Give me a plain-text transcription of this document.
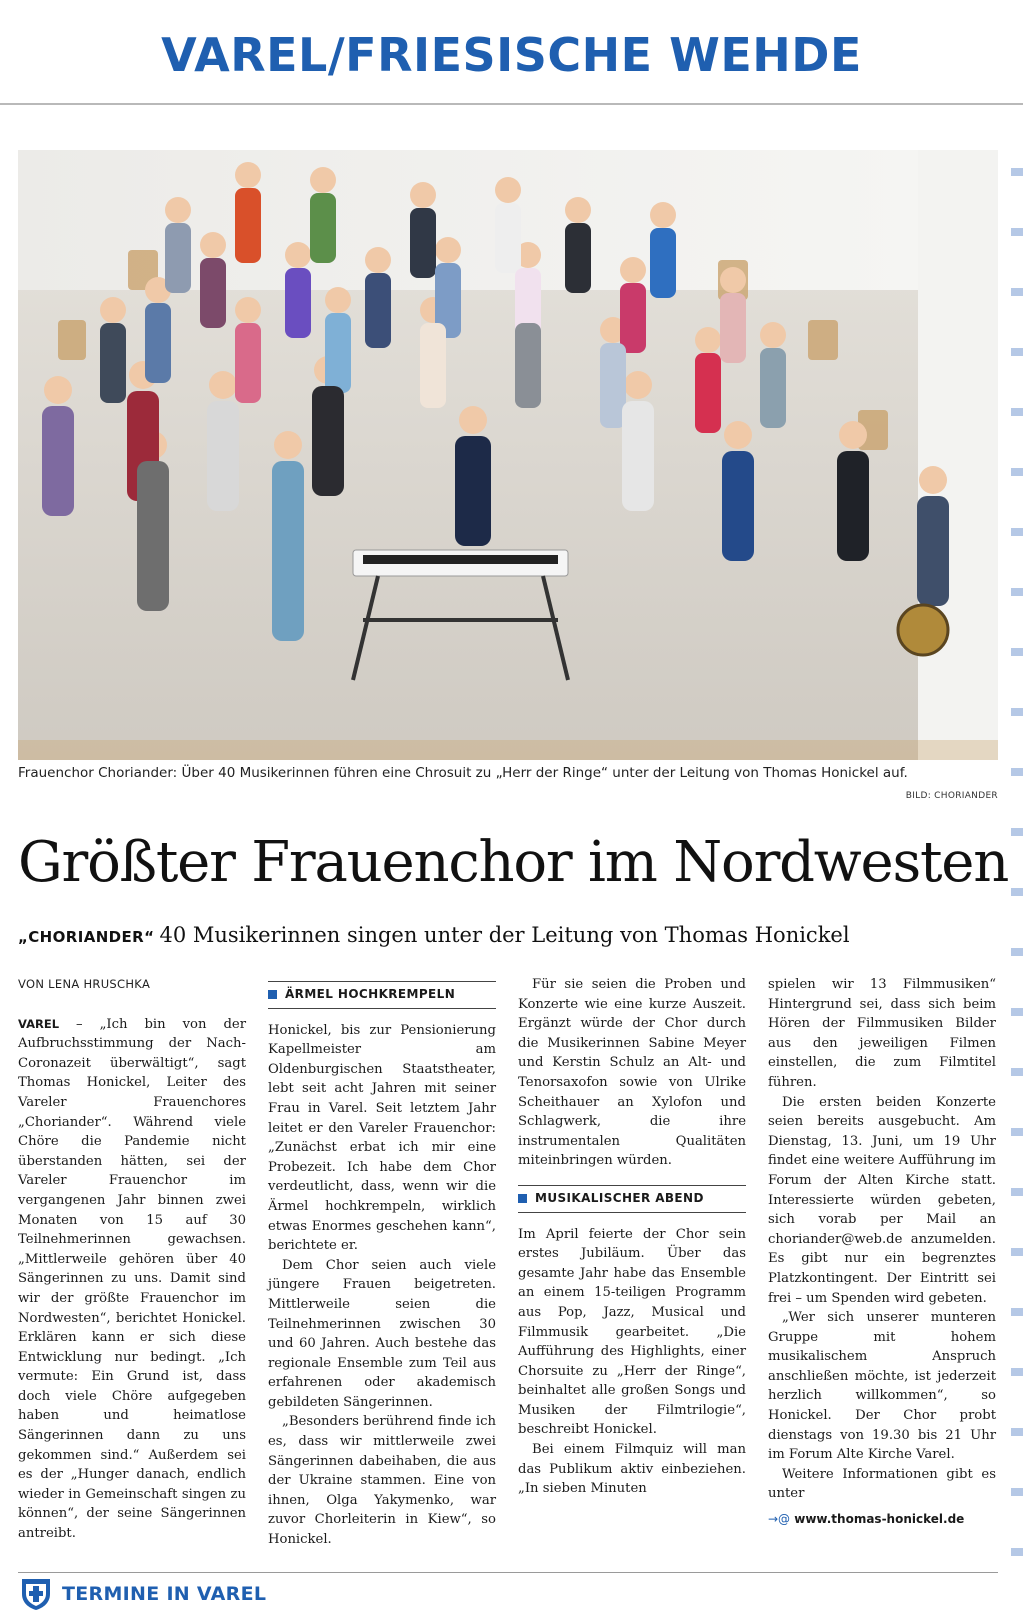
VAREL/FRIESISCHE WEHDE
Frauenchor Choriander: Über 40 Musikerinnen führen eine Chrosuit zu „Herr der Ringe“ unter der Leitung von Thomas Honickel auf.
BILD: CHORIANDER
Größter Frauenchor im Nordwesten
„CHORIANDER“ 40 Musikerinnen singen unter der Leitung von Thomas Honickel
VON LENA HRUSCHKA

VAREL – „Ich bin von der Aufbruchsstimmung der Nach-Coronazeit überwältigt“, sagt Thomas Honickel, Leiter des Vareler Frauenchores „Choriander“. Während viele Chöre die Pandemie nicht überstanden hätten, sei der Vareler Frauenchor im vergangenen Jahr binnen zwei Monaten von 15 auf 30 Teilnehmerinnen gewachsen. „Mittlerweile gehören über 40 Sängerinnen zu uns. Damit sind wir der größte Frauenchor im Nordwesten“, berichtet Honickel. Erklären kann er sich diese Entwicklung nur bedingt. „Ich vermute: Ein Grund ist, dass doch viele Chöre aufgegeben haben und heimatlose Sängerinnen dann zu uns gekommen sind.“ Außerdem sei es der „Hunger danach, endlich wieder in Gemeinschaft singen zu können“, der seine Sängerinnen antreibt.

ÄRMEL HOCHKREMPELN

Honickel, bis zur Pensionierung Kapellmeister am Oldenburgischen Staatstheater, lebt seit acht Jahren mit seiner Frau in Varel. Seit letztem Jahr leitet er den Vareler Frauenchor: „Zunächst erbat ich mir eine Probezeit. Ich habe dem Chor verdeutlicht, dass, wenn wir die Ärmel hochkrempeln, wirklich etwas Enormes geschehen kann“, berichtete er.

Dem Chor seien auch viele jüngere Frauen beigetreten. Mittlerweile seien die Teilnehmerinnen zwischen 30 und 60 Jahren. Auch bestehe das regionale Ensemble zum Teil aus erfahrenen oder akademisch gebildeten Sängerinnen.

„Besonders berührend finde ich es, dass wir mittlerweile zwei Sängerinnen dabeihaben, die aus der Ukraine stammen. Eine von ihnen, Olga Yakymenko, war zuvor Chorleiterin in Kiew“, so Honickel.

Für sie seien die Proben und Konzerte wie eine kurze Auszeit. Ergänzt würde der Chor durch die Musikerinnen Sabine Meyer und Kerstin Schulz an Alt- und Tenorsaxofon sowie von Ulrike Scheithauer an Xylofon und Schlagwerk, die ihre instrumentalen Qualitäten miteinbringen würden.

MUSIKALISCHER ABEND

Im April feierte der Chor sein erstes Jubiläum. Über das gesamte Jahr habe das Ensemble an einem 15-teiligen Programm aus Pop, Jazz, Musical und Filmmusik gearbeitet. „Die Aufführung des Highlights, einer Chorsuite zu „Herr der Ringe“, beinhaltet alle großen Songs und Musiken der Filmtrilogie“, beschreibt Honickel.

Bei einem Filmquiz will man das Publikum aktiv einbeziehen. „In sieben Minuten

spielen wir 13 Filmmusiken“ Hintergrund sei, dass sich beim Hören der Filmmusiken Bilder aus den jeweiligen Filmen einstellen, die zum Filmtitel führen.

Die ersten beiden Konzerte seien bereits ausgebucht. Am Dienstag, 13. Juni, um 19 Uhr findet eine weitere Aufführung im Forum der Alten Kirche statt. Interessierte würden gebeten, sich vorab per Mail an choriander@web.de anzumelden. Es gibt nur ein begrenztes Platzkontingent. Der Eintritt sei frei – um Spenden wird gebeten.

„Wer sich unserer munteren Gruppe mit hohem musikalischem Anspruch anschließen möchte, ist jederzeit herzlich willkommen“, so Honickel. Der Chor probt dienstags von 19.30 bis 21 Uhr im Forum Alte Kirche Varel.

Weitere Informationen gibt es unter

→@ www.thomas-honickel.de
TERMINE IN VAREL
